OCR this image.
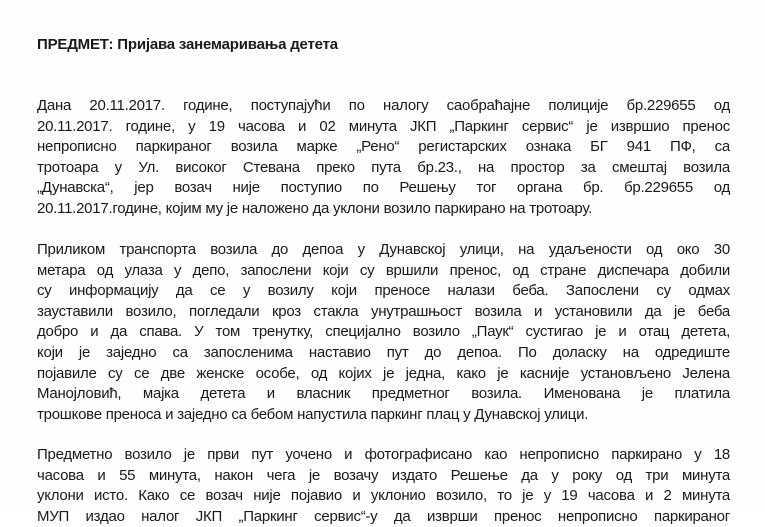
ПРЕДМЕТ: Пријава занемаривања детета
Дана 20.11.2017. године, поступајући по налогу саобраћајне полиције бр.229655 од
20.11.2017. године, у 19 часова и 02 минута ЈКП „Паркинг сервис“ је извршио пренос
непрописно паркираног возила марке „Рено“ регистарских ознака БГ 941 ПФ, са
тротоара у Ул. високог Стевана преко пута бр.23., на простор за смештај возила
„Дунавска“, јер возач није поступио по Решењу тог органа бр. бр.229655 од
20.11.2017.године, којим му је наложено да уклони возило паркирано на тротоару.
Приликом транспорта возила до депоа у Дунавској улици, на удаљености од око 30
метара од улаза у депо, запослени који су вршили пренос, од стране диспечара добили
су информацију да се у возилу који преносе налази беба. Запослени су одмах
зауставили возило, погледали кроз стакла унутрашњост возила и установили да је беба
добро и да спава. У том тренутку, специјално возило „Паук“ сустигао је и отац детета,
који је заједно са запосленима наставио пут до депоа. По доласку на одредиште
појавиле су се две женске особе, од којих је једна, како је касније установљено Јелена
Манојловић, мајка детета и власник предметног возила. Именована је платила
трошкове преноса и заједно са бебом напустила паркинг плац у Дунавској улици.
Предметно возило је први пут уочено и фотографисано као непрописно паркирано у 18
часова и 55 минута, након чега је возачу издато Решење да у року од три минута
уклони исто. Како се возач није појавио и уклонио возило, то је у 19 часова и 2 минута
МУП издао налог ЈКП „Паркинг сервис“-у да изврши пренос непрописно паркираног
